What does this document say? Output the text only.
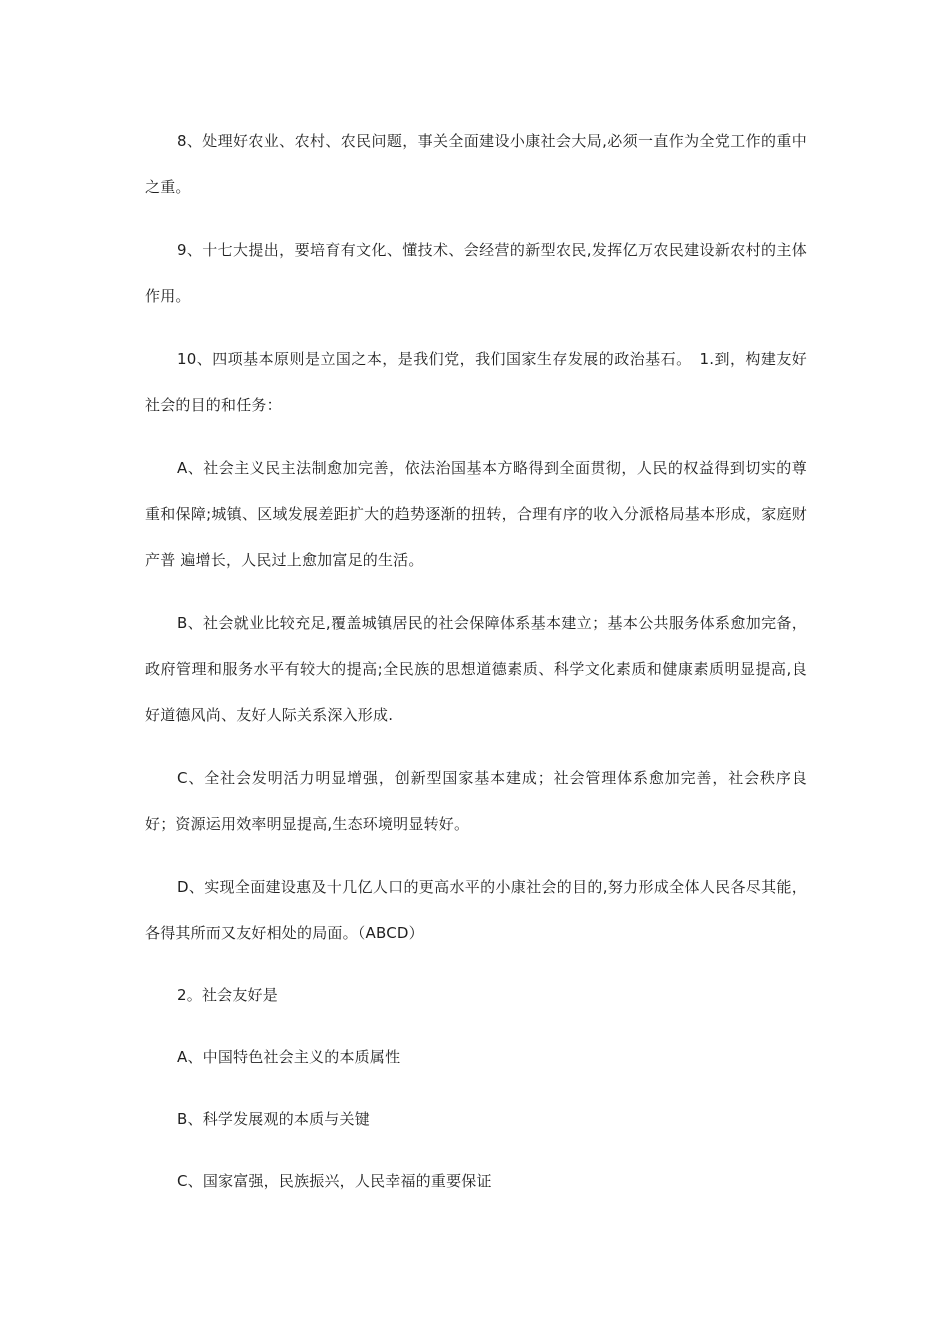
8、处理好农业、农村、农民问题，事关全面建设小康社会大局,必须一直作为全党工作的重中之重。

9、十七大提出，要培育有文化、懂技术、会经营的新型农民,发挥亿万农民建设新农村的主体作用。

10、四项基本原则是立国之本，是我们党，我们国家生存发展的政治基石。　1.到，构建友好社会的目的和任务：

A、社会主义民主法制愈加完善，依法治国基本方略得到全面贯彻，人民的权益得到切实的尊重和保障;城镇、区域发展差距扩大的趋势逐渐的扭转，合理有序的收入分派格局基本形成，家庭财产普 遍增长，人民过上愈加富足的生活。

B、社会就业比较充足,覆盖城镇居民的社会保障体系基本建立；基本公共服务体系愈加完备，政府管理和服务水平有较大的提高;全民族的思想道德素质、科学文化素质和健康素质明显提高,良好道德风尚、友好人际关系深入形成.

C、全社会发明活力明显增强，创新型国家基本建成；社会管理体系愈加完善，社会秩序良好；资源运用效率明显提高,生态环境明显转好。

D、实现全面建设惠及十几亿人口的更高水平的小康社会的目的,努力形成全体人民各尽其能，各得其所而又友好相处的局面。（ABCD）

2。社会友好是

A、中国特色社会主义的本质属性

B、科学发展观的本质与关键

C、国家富强，民族振兴，人民幸福的重要保证
